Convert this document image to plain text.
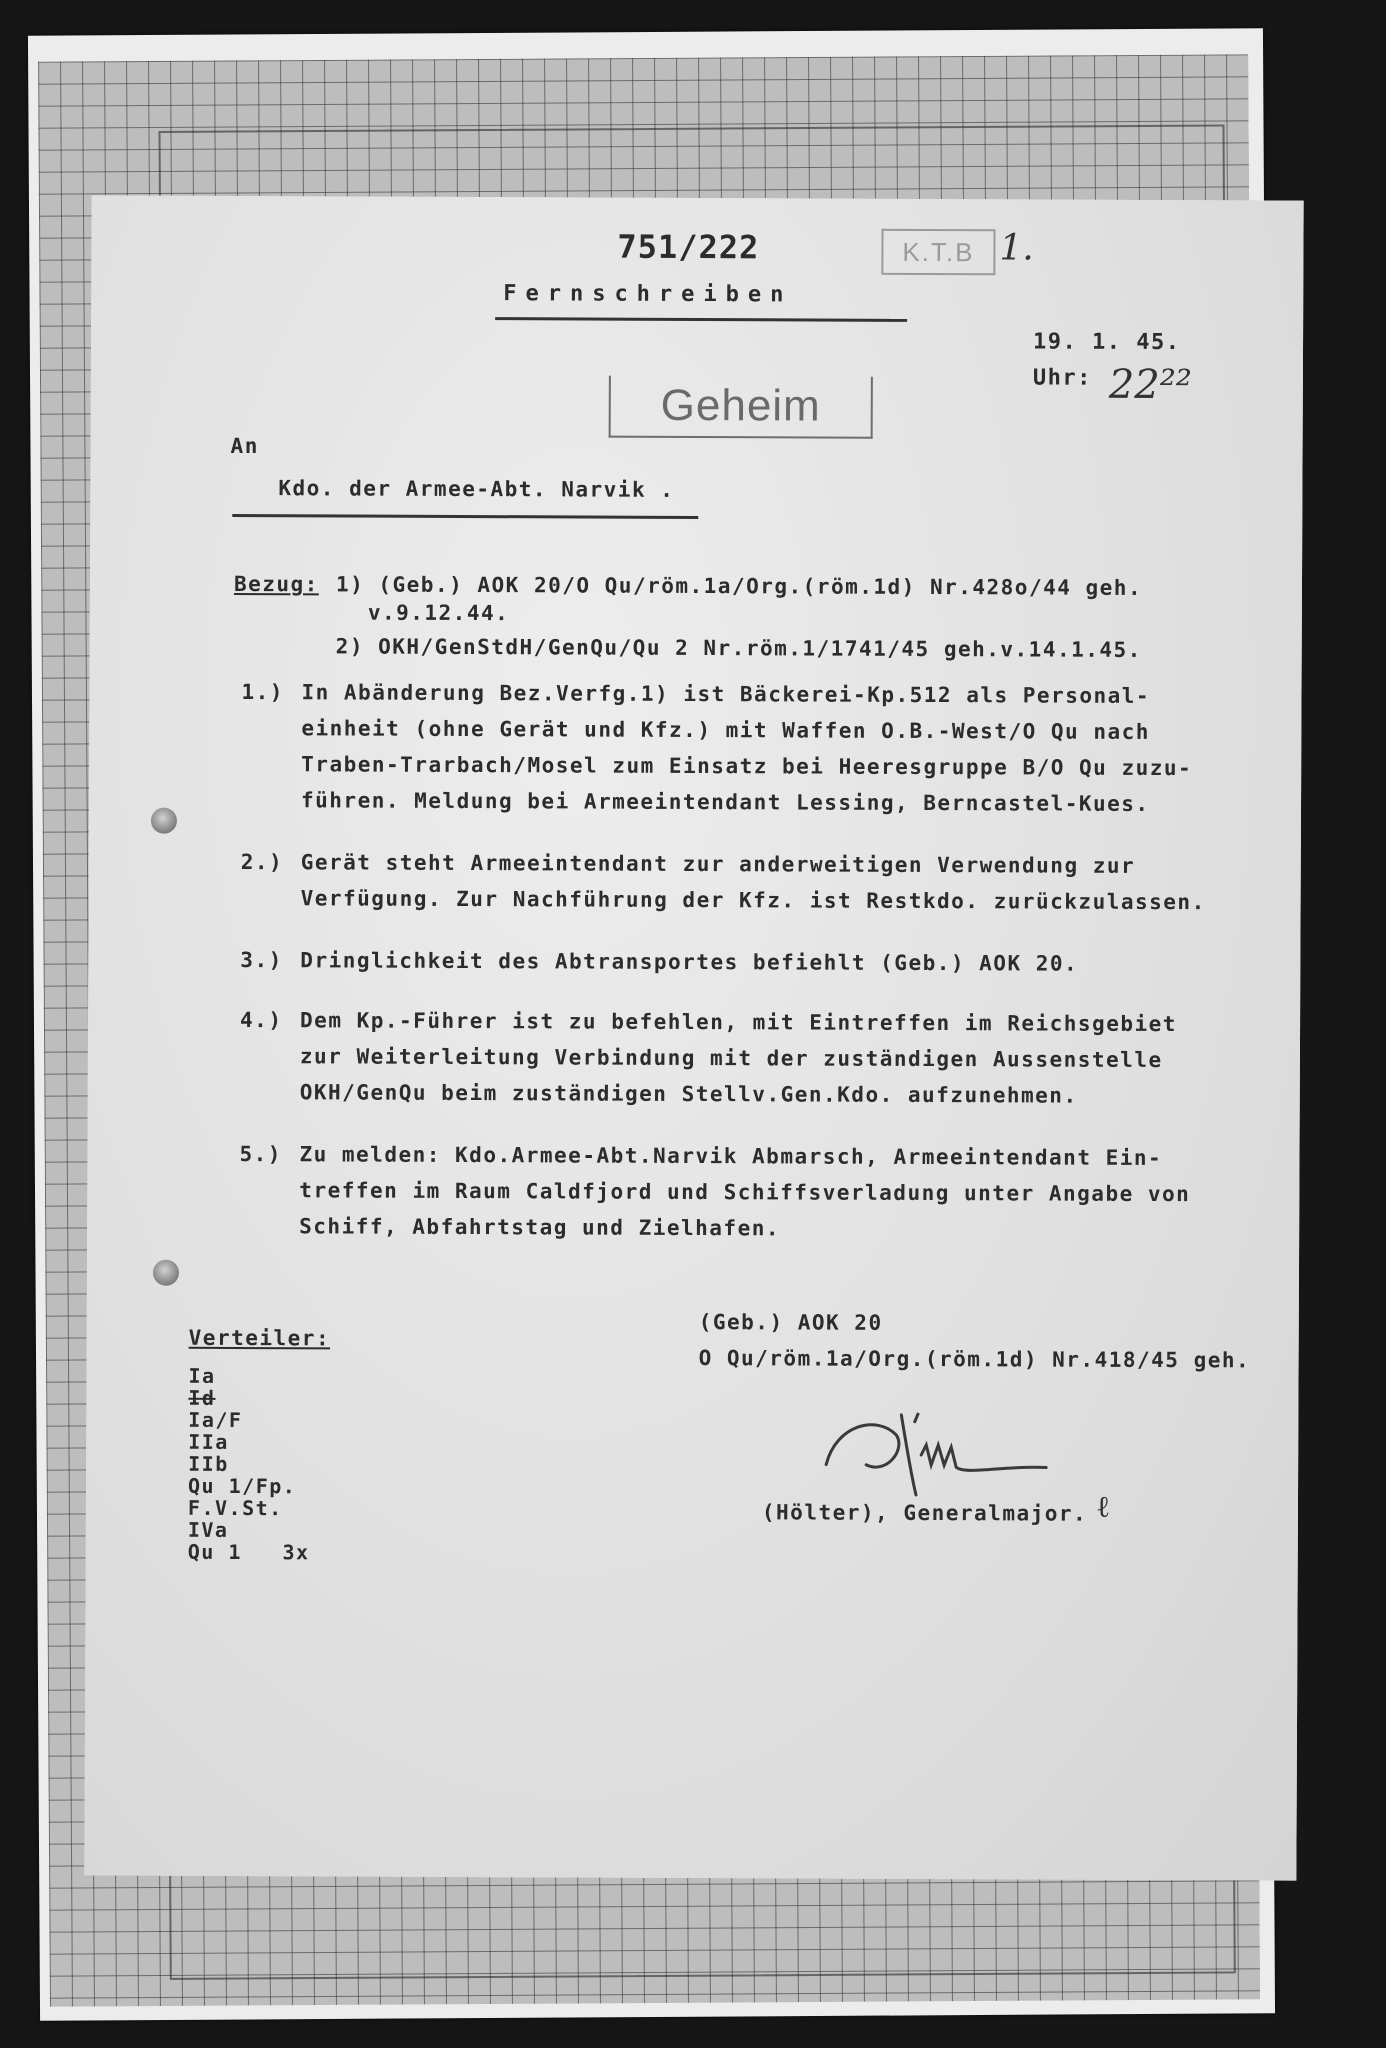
751/222	K.T.B 1.
Fernschreiben
19. 1. 45.
Uhr: 22²²
Geheim
An
Kdo. der Armee-Abt. Narvik .
Bezug: 1) (Geb.) AOK 20/O Qu/röm.1a/Org.(röm.1d) Nr.428o/44 geh.
v.9.12.44.
2) OKH/GenStdH/GenQu/Qu 2 Nr.röm.1/1741/45 geh.v.14.1.45.
1.) In Abänderung Bez.Verfg.1) ist Bäckerei-Kp.512 als Personal-
einheit (ohne Gerät und Kfz.) mit Waffen O.B.-West/O Qu nach
Traben-Trarbach/Mosel zum Einsatz bei Heeresgruppe B/O Qu zuzu-
führen. Meldung bei Armeeintendant Lessing, Berncastel-Kues.
2.) Gerät steht Armeeintendant zur anderweitigen Verwendung zur
Verfügung. Zur Nachführung der Kfz. ist Restkdo. zurückzulassen.
3.) Dringlichkeit des Abtransportes befiehlt (Geb.) AOK 20.
4.) Dem Kp.-Führer ist zu befehlen, mit Eintreffen im Reichsgebiet
zur Weiterleitung Verbindung mit der zuständigen Aussenstelle
OKH/GenQu beim zuständigen Stellv.Gen.Kdo. aufzunehmen.
5.) Zu melden: Kdo.Armee-Abt.Narvik Abmarsch, Armeeintendant Ein-
treffen im Raum Caldfjord und Schiffsverladung unter Angabe von
Schiff, Abfahrtstag und Zielhafen.
Verteiler:
Ia
Id
Ia/F
IIa
IIb
Qu 1/Fp.
F.V.St.
IVa
Qu 1   3x
(Geb.) AOK 20
O Qu/röm.1a/Org.(röm.1d) Nr.418/45 geh.
(Hölter), Generalmajor. ℓ
